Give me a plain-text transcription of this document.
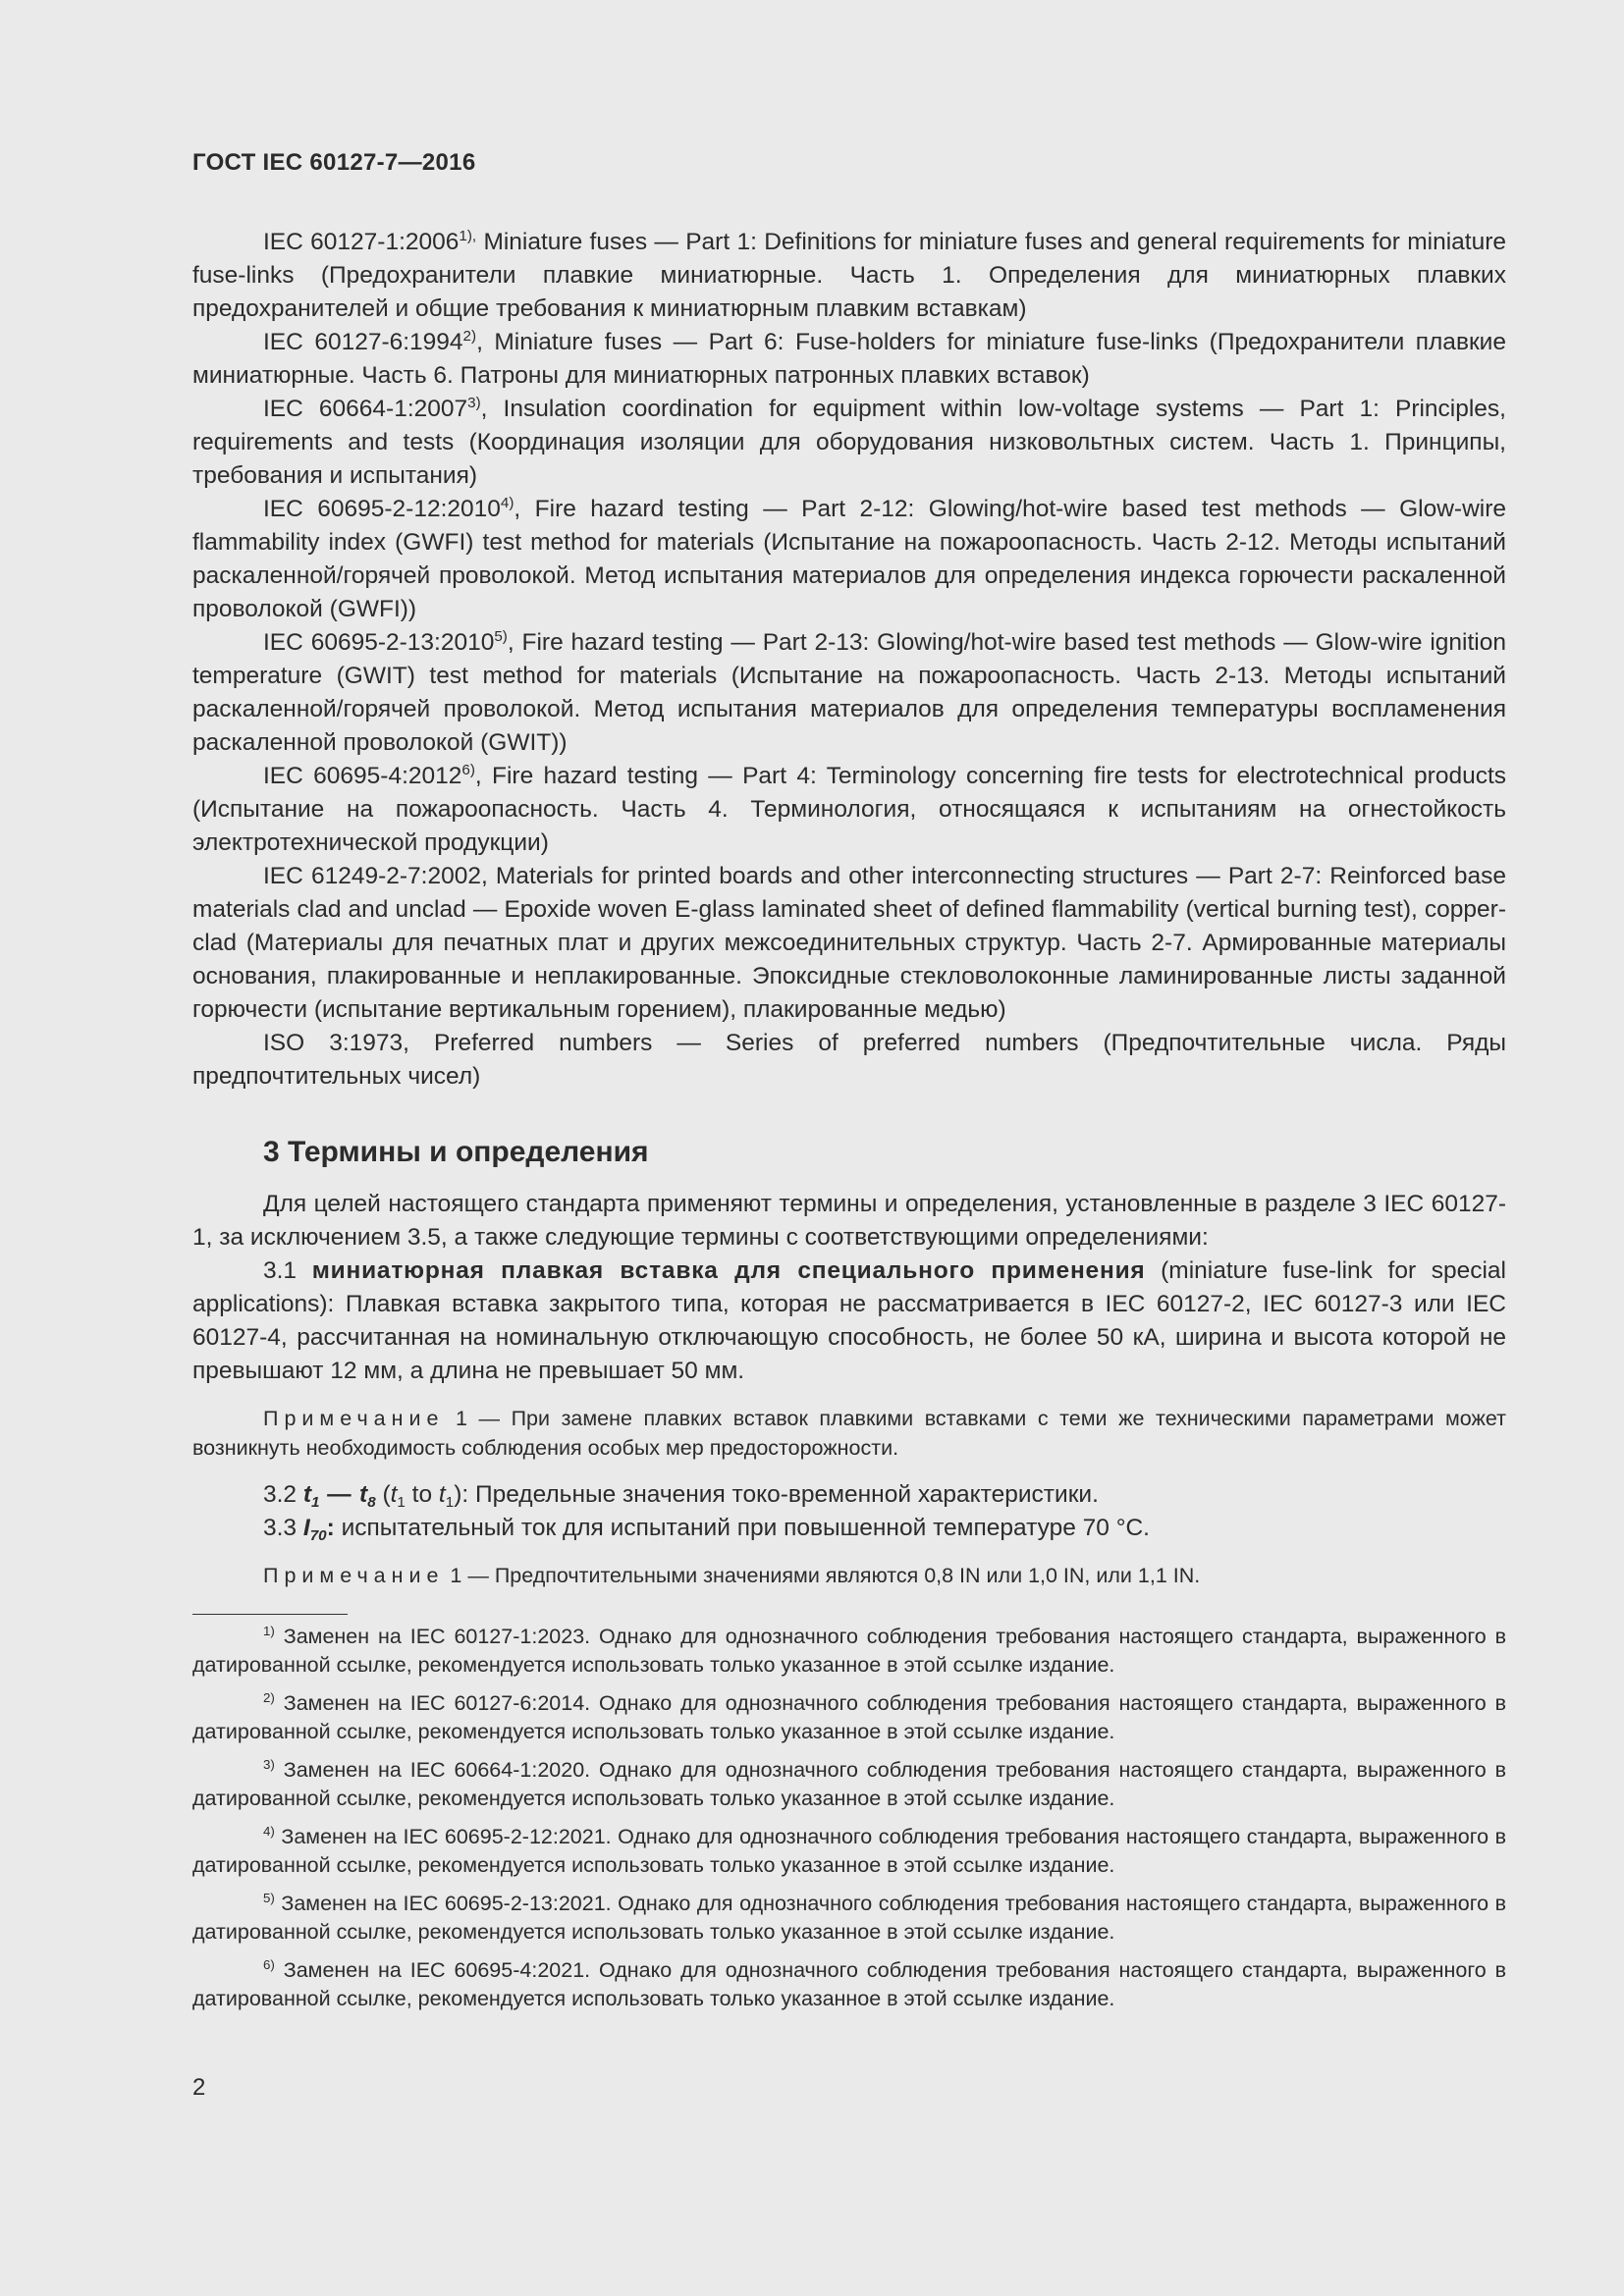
ГОСТ IEC 60127-7—2016

IEC $60127-1:2006^{1),}$ Miniature fuses — Part 1: Definitions for miniature fuses and general requirements for miniature fuse-links (Предохранители плавкие миниатюрные. Часть 1. Определения для миниатюрных плавких предохранителей и общие требования к миниатюрным плавким вставкам)

IEC 60127-6:1994$^{2)}$, Miniature fuses — Part 6: Fuse-holders for miniature fuse-links (Предохранители плавкие миниатюрные. Часть 6. Патроны для миниатюрных патронных плавких вставок)

IEC 60664-1:2007$^{3)}$, Insulation coordination for equipment within low-voltage systems — Part 1: Principles, requirements and tests (Координация изоляции для оборудования низковольтных систем. Часть 1. Принципы, требования и испытания)

IEC 60695-2-12:2010$^{4)}$, Fire hazard testing — Part 2-12: Glowing/hot-wire based test methods — Glow-wire flammability index (GWFI) test method for materials (Испытание на пожароопасность. Часть 2-12. Методы испытаний раскаленной/горячей проволокой. Метод испытания материалов для определения индекса горючести раскаленной проволокой (GWFI))

IEC 60695-2-13:2010$^{5)}$, Fire hazard testing — Part 2-13: Glowing/hot-wire based test methods — Glow-wire ignition temperature (GWIT) test method for materials (Испытание на пожароопасность. Часть 2-13. Методы испытаний раскаленной/горячей проволокой. Метод испытания материалов для определения температуры воспламенения раскаленной проволокой (GWIT))

IEC 60695-4:2012$^{6)}$, Fire hazard testing — Part 4: Terminology concerning fire tests for electrotechnical products (Испытание на пожароопасность. Часть 4. Терминология, относящаяся к испытаниям на огнестойкость электротехнической продукции)

IEC 61249-2-7:2002, Materials for printed boards and other interconnecting structures — Part 2-7: Reinforced base materials clad and unclad — Epoxide woven E-glass laminated sheet of defined flammability (vertical burning test), copper-clad (Материалы для печатных плат и других межсоединительных структур. Часть 2-7. Армированные материалы основания, плакированные и неплакированные. Эпоксидные стекловолоконные ламинированные листы заданной горючести (испытание вертикальным горением), плакированные медью)

ISO 3:1973, Preferred numbers — Series of preferred numbers (Предпочтительные числа. Ряды предпочтительных чисел)

3 Термины и определения

Для целей настоящего стандарта применяют термины и определения, установленные в разделе 3 IEC 60127-1, за исключением 3.5, а также следующие термины с соответствующими определениями:

3.1 миниатюрная плавкая вставка для специального применения (miniature fuse-link for special applications): Плавкая вставка закрытого типа, которая не рассматривается в IEC 60127-2, IEC 60127-3 или IEC 60127-4, рассчитанная на номинальную отключающую способность, не более 50 кА, ширина и высота которой не превышают 12 мм, а длина не превышает 50 мм.

Примечание 1 — При замене плавких вставок плавкими вставками с теми же техническими параметрами может возникнуть необходимость соблюдения особых мер предосторожности.

3.2 $t_1$ — $t_8$ ($t_1$ to $t_1$): Предельные значения токо-временной характеристики.

3.3 $I_{70}$: испытательный ток для испытаний при повышенной температуре 70 °С.

Примечание 1 — Предпочтительными значениями являются 0,8 IN или 1,0 IN, или 1,1 IN.

$^{1)}$ Заменен на IEC 60127-1:2023. Однако для однозначного соблюдения требования настоящего стандарта, выраженного в датированной ссылке, рекомендуется использовать только указанное в этой ссылке издание.

$^{2)}$ Заменен на IEC 60127-6:2014. Однако для однозначного соблюдения требования настоящего стандарта, выраженного в датированной ссылке, рекомендуется использовать только указанное в этой ссылке издание.

$^{3)}$ Заменен на IEC 60664-1:2020. Однако для однозначного соблюдения требования настоящего стандарта, выраженного в датированной ссылке, рекомендуется использовать только указанное в этой ссылке издание.

$^{4)}$ Заменен на IEC 60695-2-12:2021. Однако для однозначного соблюдения требования настоящего стандарта, выраженного в датированной ссылке, рекомендуется использовать только указанное в этой ссылке издание.

$^{5)}$ Заменен на IEC 60695-2-13:2021. Однако для однозначного соблюдения требования настоящего стандарта, выраженного в датированной ссылке, рекомендуется использовать только указанное в этой ссылке издание.

$^{6)}$ Заменен на IEC 60695-4:2021. Однако для однозначного соблюдения требования настоящего стандарта, выраженного в датированной ссылке, рекомендуется использовать только указанное в этой ссылке издание.

2
